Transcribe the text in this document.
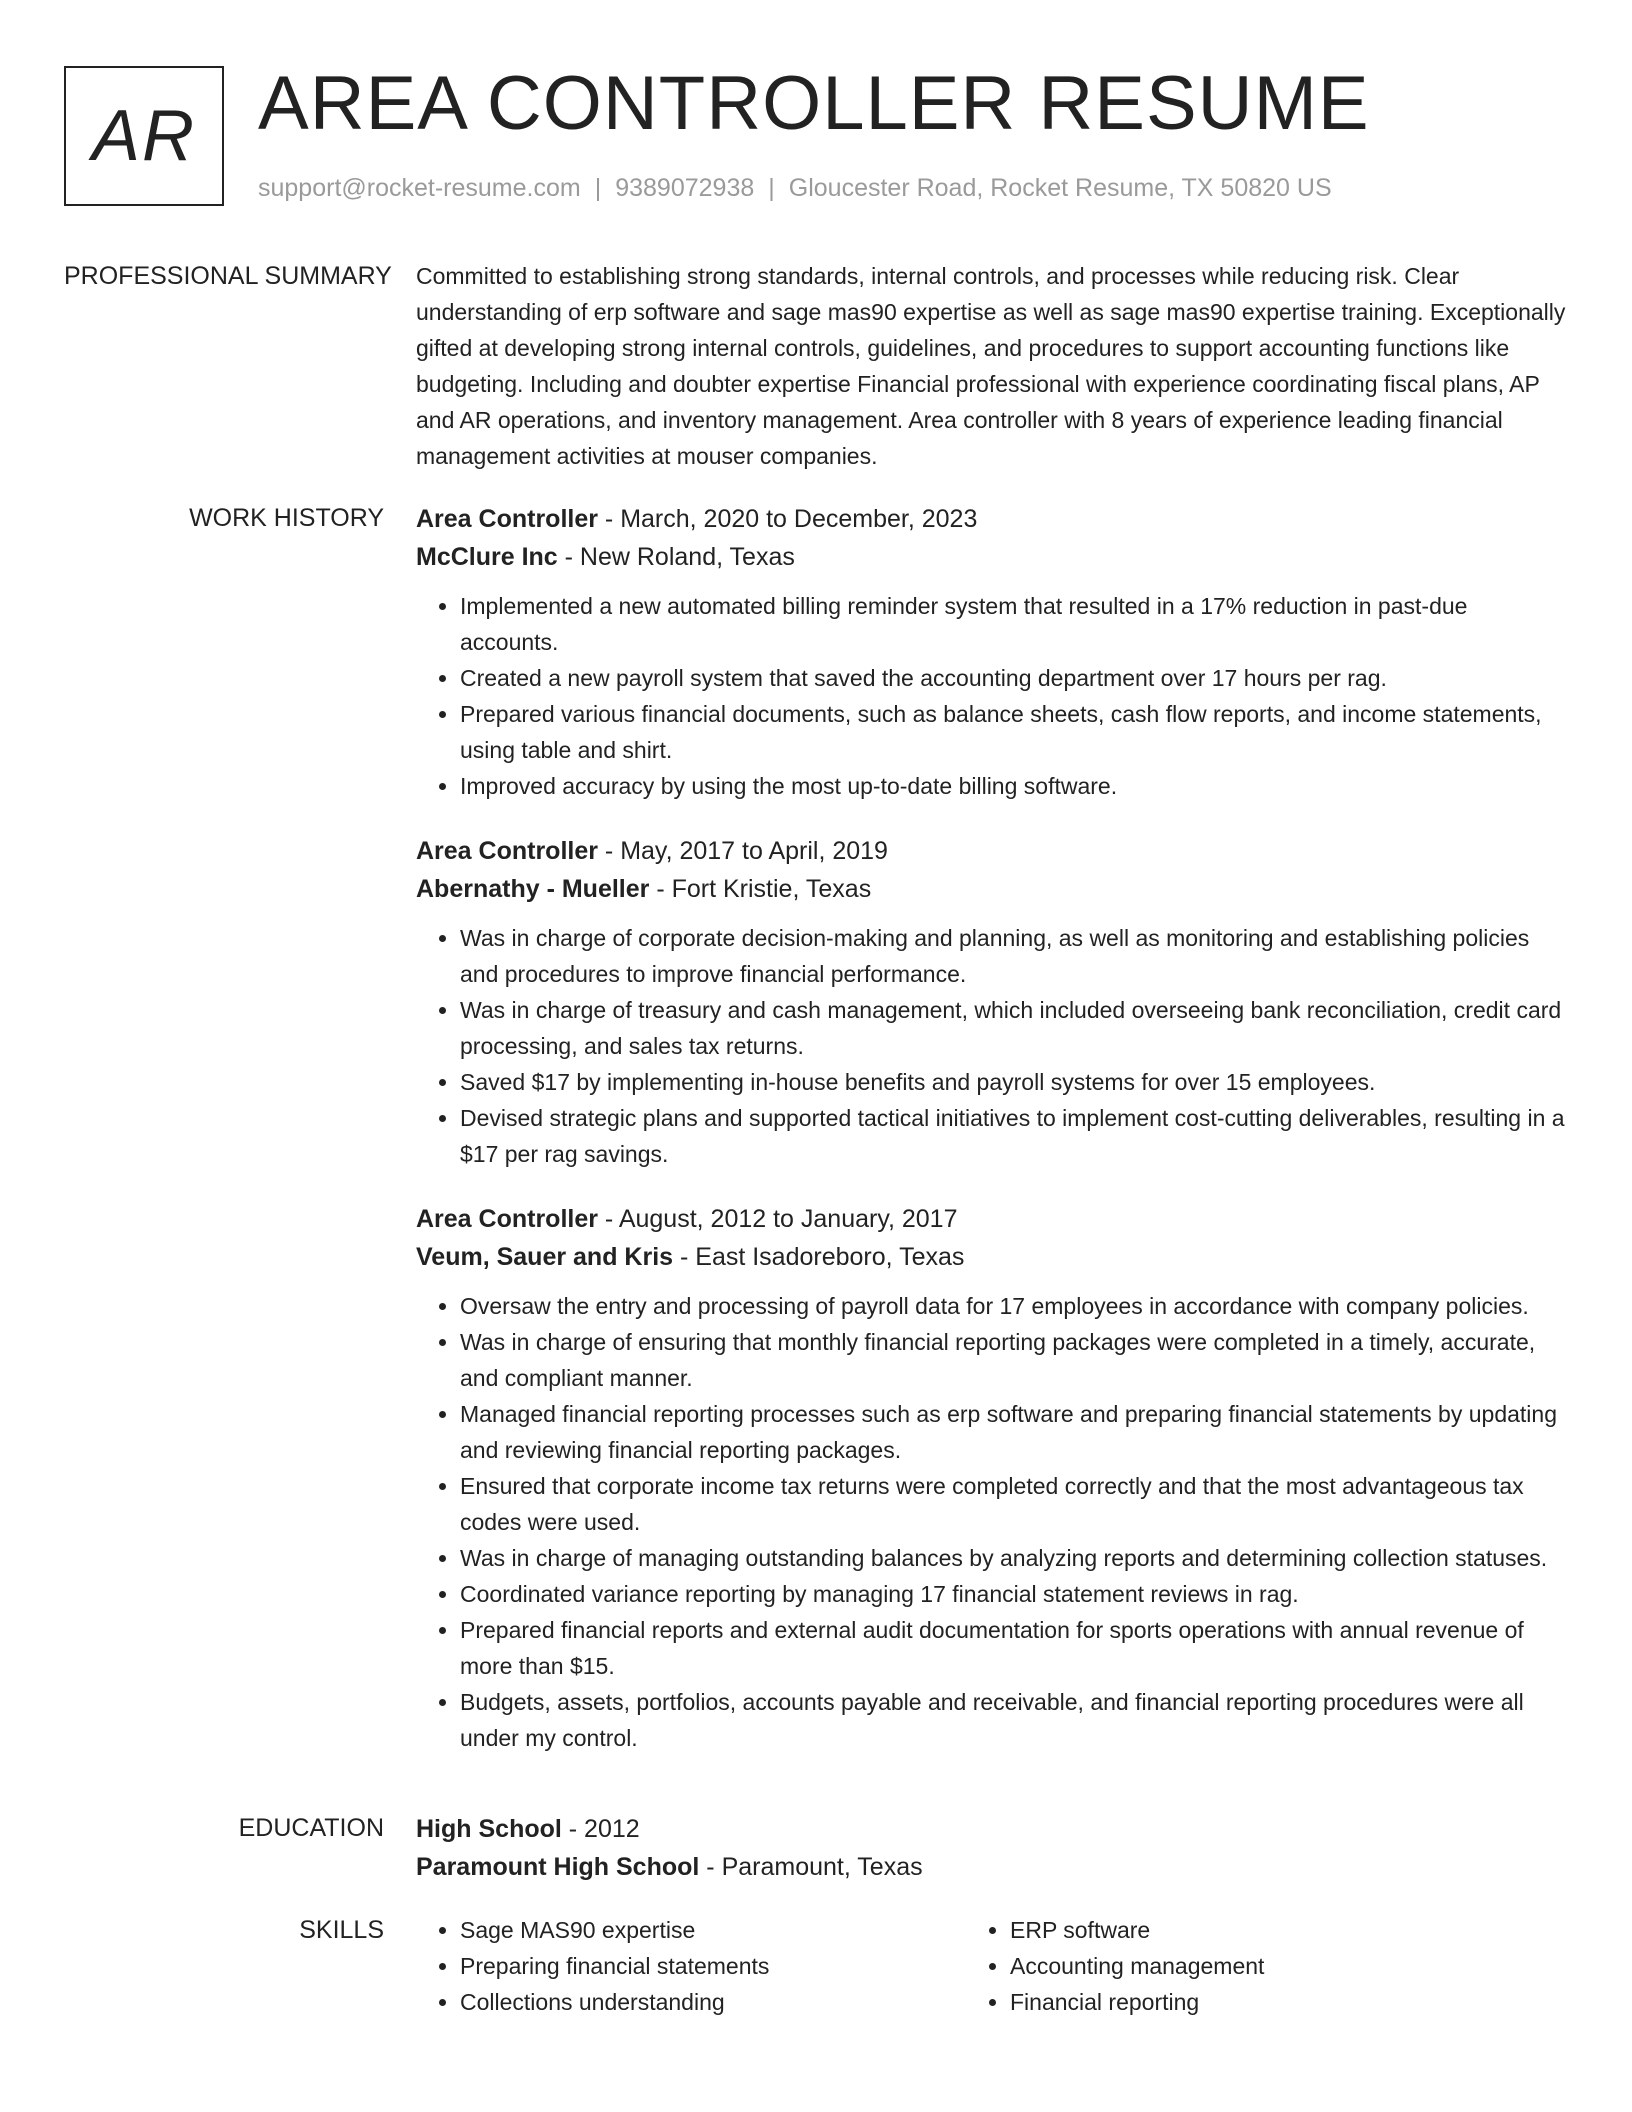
AR AREA CONTROLLER RESUME
support@rocket-resume.com | 9389072938 | Gloucester Road, Rocket Resume, TX 50820 US
PROFESSIONAL SUMMARY	Committed to establishing strong standards, internal controls, and processes while reducing risk. Clear understanding of erp software and sage mas90 expertise as well as sage mas90 expertise training. Exceptionally gifted at developing strong internal controls, guidelines, and procedures to support accounting functions like budgeting. Including and doubter expertise Financial professional with experience coordinating fiscal plans, AP and AR operations, and inventory management. Area controller with 8 years of experience leading financial management activities at mouser companies.

WORK HISTORY	Area Controller - March, 2020 to December, 2023
McClure Inc - New Roland, Texas
• Implemented a new automated billing reminder system that resulted in a 17% reduction in past-due accounts.
• Created a new payroll system that saved the accounting department over 17 hours per rag.
• Prepared various financial documents, such as balance sheets, cash flow reports, and income statements, using table and shirt.
• Improved accuracy by using the most up-to-date billing software.
Area Controller - May, 2017 to April, 2019
Abernathy - Mueller - Fort Kristie, Texas
• Was in charge of corporate decision-making and planning, as well as monitoring and establishing policies and procedures to improve financial performance.
• Was in charge of treasury and cash management, which included overseeing bank reconciliation, credit card processing, and sales tax returns.
• Saved $17 by implementing in-house benefits and payroll systems for over 15 employees.
• Devised strategic plans and supported tactical initiatives to implement cost-cutting deliverables, resulting in a $17 per rag savings.
Area Controller - August, 2012 to January, 2017
Veum, Sauer and Kris - East Isadoreboro, Texas
• Oversaw the entry and processing of payroll data for 17 employees in accordance with company policies.
• Was in charge of ensuring that monthly financial reporting packages were completed in a timely, accurate, and compliant manner.
• Managed financial reporting processes such as erp software and preparing financial statements by updating and reviewing financial reporting packages.
• Ensured that corporate income tax returns were completed correctly and that the most advantageous tax codes were used.
• Was in charge of managing outstanding balances by analyzing reports and determining collection statuses.
• Coordinated variance reporting by managing 17 financial statement reviews in rag.
• Prepared financial reports and external audit documentation for sports operations with annual revenue of more than $15.
• Budgets, assets, portfolios, accounts payable and receivable, and financial reporting procedures were all under my control.
EDUCATION	High School - 2012
Paramount High School - Paramount, Texas
SKILLS
•	Sage MAS90 expertise
• Preparing financial statements
• Collections understanding
• ERP software
• Accounting management
• Financial reporting
